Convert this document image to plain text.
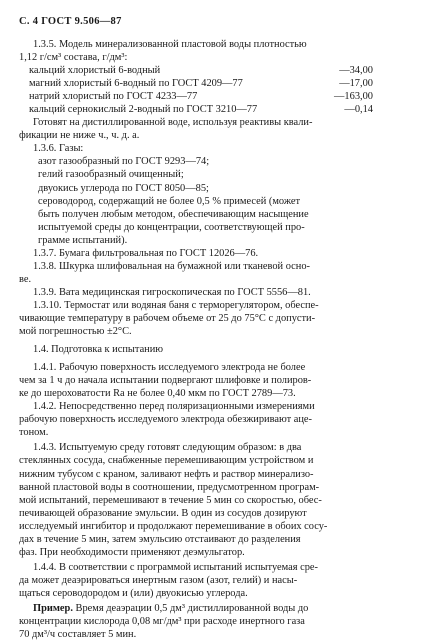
С. 4 ГОСТ 9.506—87
1.3.5. Модель минерализованной пластовой воды плотностью
1,12 г/см³ состава, г/дм³:
кальций хлористый 6-водный	—34,00
магний хлористый 6-водный по ГОСТ 4209—77	—17,00
натрий хлористый по ГОСТ 4233—77	—163,00
кальций сернокислый 2-водный по ГОСТ 3210—77	—0,14
Готовят на дистиллированной воде, используя реактивы квали-
фикации не ниже ч., ч. д. а.
1.3.6. Газы:
азот газообразный по ГОСТ 9293—74;
гелий газообразный очищенный;
двуокись углерода по ГОСТ 8050—85;
сероводород, содержащий не более 0,5 % примесей (может
быть получен любым методом, обеспечивающим насыщение
испытуемой среды до концентрации, соответствующей про-
грамме испытаний).
1.3.7. Бумага фильтровальная по ГОСТ 12026—76.
1.3.8. Шкурка шлифовальная на бумажной или тканевой осно-
ве.
1.3.9. Вата медицинская гигроскопическая по ГОСТ 5556—81.
1.3.10. Термостат или водяная баня с терморегулятором, обеспе-
чивающие температуру в рабочем объеме от 25 до 75°С с допусти-
мой погрешностью ±2°С.
1.4. Подготовка к испытанию
1.4.1. Рабочую поверхность исследуемого электрода не более
чем за 1 ч до начала испытании подвергают шлифовке и полиров-
ке до шероховатости Ra не более 0,40 мкм по ГОСТ 2789—73.
1.4.2. Непосредственно перед поляризационными измерениями
рабочую поверхность исследуемого электрода обезжиривают аце-
тоном.
1.4.3. Испытуемую среду готовят следующим образом: в два
стеклянных сосуда, снабженные перемешивающим устройством и
нижним тубусом с краном, заливают нефть и раствор минерализо-
ванной пластовой воды в соотношении, предусмотренном програм-
мой испытаний, перемешивают в течение 5 мин со скоростью, обес-
печивающей образование эмульсии. В один из сосудов дозируют
исследуемый ингибитор и продолжают перемешивание в обоих сосу-
дах в течение 5 мин, затем эмульсию отстаивают до разделения
фаз. При необходимости применяют деэмульгатор.
1.4.4. В соответствии с программой испытаний испытуемая сре-
да может деаэрироваться инертным газом (азот, гелий) и насы-
щаться сероводородом и (или) двуокисью углерода.
Пример. Время деаэрации 0,5 дм³ дистиллированной воды до
концентрации кислорода 0,08 мг/дм³ при расходе инертного газа
70 дм³/ч составляет 5 мин.
